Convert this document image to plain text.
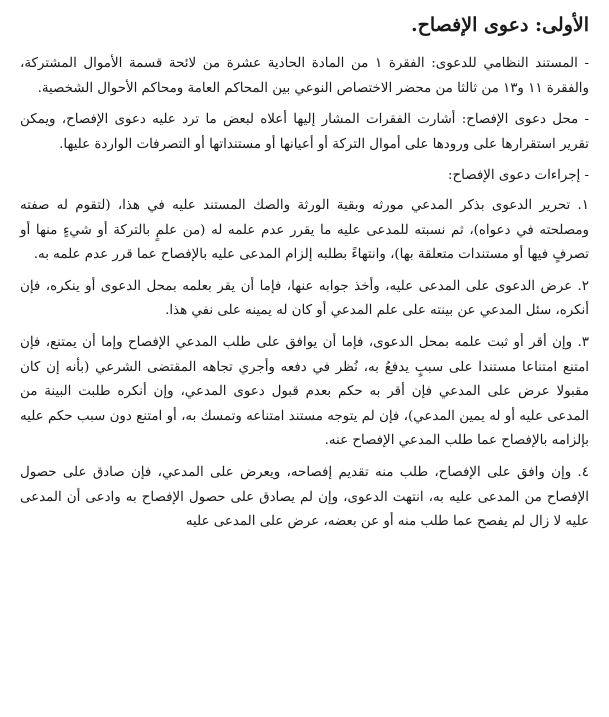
الأولى: دعوى الإفصاح.

- المستند النظامي للدعوى: الفقرة ١ من المادة الحادية عشرة من لائحة قسمة الأموال المشتركة، والفقرة ١١ و١٣ من ثالثا من محضر الاختصاص النوعي بين المحاكم العامة ومحاكم الأحوال الشخصية.

- محل دعوى الإفصاح: أشارت الفقرات المشار إليها أعلاه لبعض ما ترد عليه دعوى الإفصاح، ويمكن تقرير استقرارها على ورودها على أموال التركة أو أعيانها أو مستنداتها أو التصرفات الواردة عليها.

- إجراءات دعوى الإفصاح:

١. تحرير الدعوى بذكر المدعي مورثه وبقية الورثة والصك المستند عليه في هذا، (لتقوم له صفته ومصلحته في دعواه)، ثم نسبته للمدعى عليه ما يقرر عدم علمه له (من علمٍ بالتركة أو شيءٍ منها أو تصرفٍ فيها أو مستندات متعلقة بها)، وانتهاءً بطلبه إلزام المدعى عليه بالإفصاح عما قرر عدم علمه به.

٢. عرض الدعوى على المدعى عليه، وأخذ جوابه عنها، فإما أن يقر بعلمه بمحل الدعوى أو ينكره، فإن أنكره، سئل المدعي عن بينته على علم المدعي أو كان له يمينه على نفي هذا.

٣. وإن أقر أو ثبت علمه بمحل الدعوى، فإما أن يوافق على طلب المدعي الإفصاح وإما أن يمتنع، فإن امتنع امتناعا مستندا على سببٍ يدفعُ به، نُظر في دفعه وأجري تجاهه المقتضى الشرعي (بأنه إن كان مقبولا عرض على المدعي فإن أقر به حكم بعدم قبول دعوى المدعي، وإن أنكره طلبت البينة من المدعى عليه أو له يمين المدعي)، فإن لم يتوجه مستند امتناعه وتمسك به، أو امتنع دون سبب حكم عليه بإلزامه بالإفصاح عما طلب المدعي الإفصاح عنه.

٤. وإن وافق على الإفصاح، طلب منه تقديم إفصاحه، ويعرض على المدعي، فإن صادق على حصول الإفصاح من المدعى عليه به، انتهت الدعوى، وإن لم يصادق على حصول الإفصاح به وادعى أن المدعى عليه لا زال لم يفصح عما طلب منه أو عن بعضه، عرض على المدعى عليه
